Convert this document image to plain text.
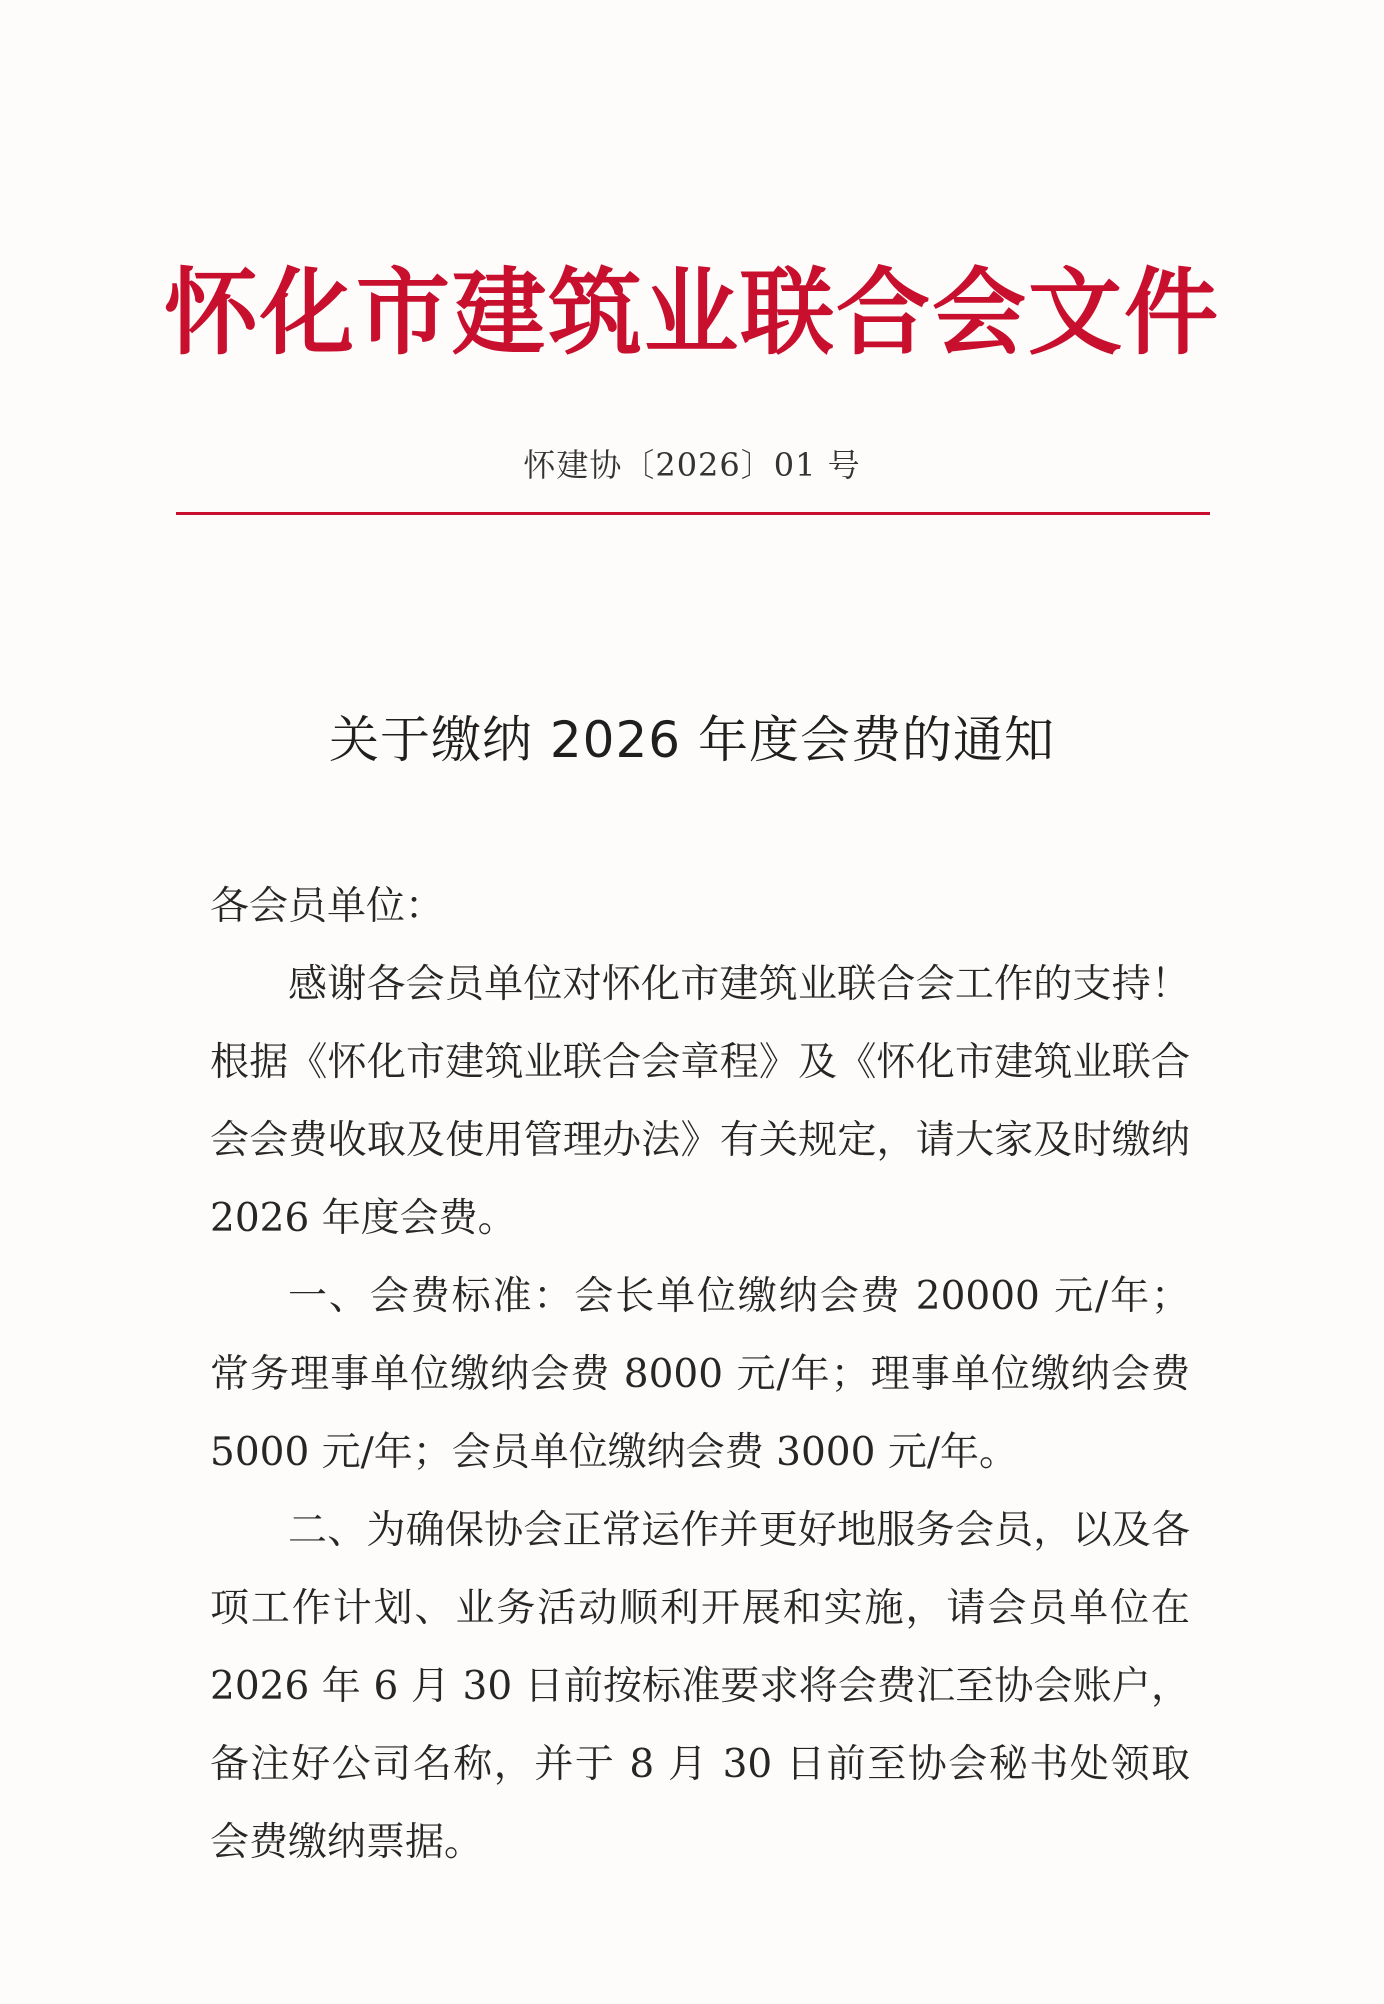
怀化市建筑业联合会文件
怀建协〔2026〕01 号
关于缴纳 2026 年度会费的通知

各会员单位：

感谢各会员单位对怀化市建筑业联合会工作的支持！根据《怀化市建筑业联合会章程》及《怀化市建筑业联合会会费收取及使用管理办法》有关规定，请大家及时缴纳 2026 年度会费。

一、会费标准：会长单位缴纳会费 20000 元/年；常务理事单位缴纳会费 8000 元/年；理事单位缴纳会费 5000 元/年；会员单位缴纳会费 3000 元/年。

二、为确保协会正常运作并更好地服务会员，以及各项工作计划、业务活动顺利开展和实施，请会员单位在 2026 年 6 月 30 日前按标准要求将会费汇至协会账户，备注好公司名称，并于 8 月 30 日前至协会秘书处领取会费缴纳票据。
